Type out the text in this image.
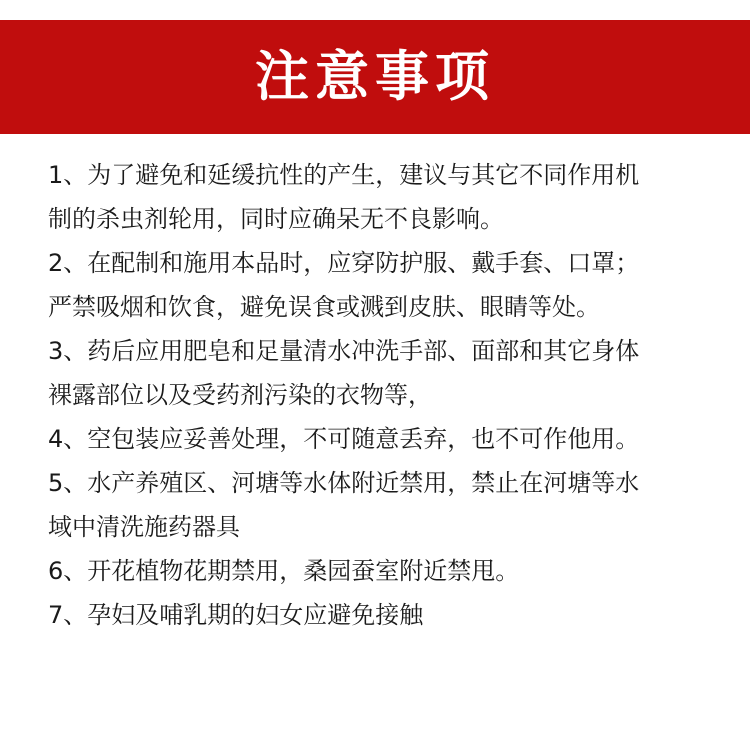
注意事项
1、为了避免和延缓抗性的产生，建议与其它不同作用机
制的杀虫剂轮用，同时应确呆无不良影响。
2、在配制和施用本品时，应穿防护服、戴手套、口罩；
严禁吸烟和饮食，避免误食或溅到皮肤、眼睛等处。
3、药后应用肥皂和足量清水冲洗手部、面部和其它身体
裸露部位以及受药剂污染的衣物等，
4、空包装应妥善处理，不可随意丢弃，也不可作他用。
5、水产养殖区、河塘等水体附近禁用，禁止在河塘等水
域中清洗施药器具
6、开花植物花期禁用，桑园蚕室附近禁甩。
7、孕妇及哺乳期的妇女应避免接触
